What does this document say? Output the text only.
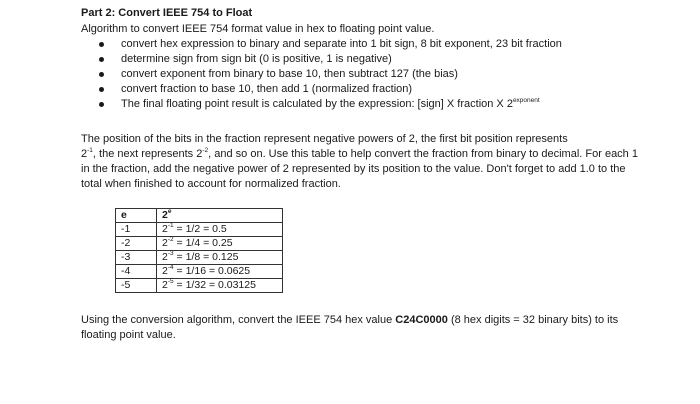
Part 2: Convert IEEE 754 to Float
Algorithm to convert IEEE 754 format value in hex to floating point value.
convert hex expression to binary and separate into 1 bit sign, 8 bit exponent, 23 bit fraction
determine sign from sign bit (0 is positive, 1 is negative)
convert exponent from binary to base 10, then subtract 127 (the bias)
convert fraction to base 10, then add 1 (normalized fraction)
The final floating point result is calculated by the expression: [sign] X fraction X $2^{exponent}$
The position of the bits in the fraction represent negative powers of 2, the first bit position represents
$2^{-1}$, the next represents $2^{-2}$, and so on. Use this table to help convert the fraction from binary to decimal. For each 1 in the fraction, add the negative power of 2 represented by its position to the value. Don't forget to add 1.0 to the total when finished to account for normalized fraction.
e	2e
-1	$2^{-1} = 1/2 = 0.5$
-2	$2^{-2} = 1/4 = 0.25$
-3	$2^{-3} = 1/8 = 0.125$
-4	$2^{-4} = 1/16 = 0.0625$
-5	$2^{-5} = 1/32 = 0.03125$
Using the conversion algorithm, convert the IEEE 754 hex value C24C0000 (8 hex digits = 32 binary bits) to its floating point value.
